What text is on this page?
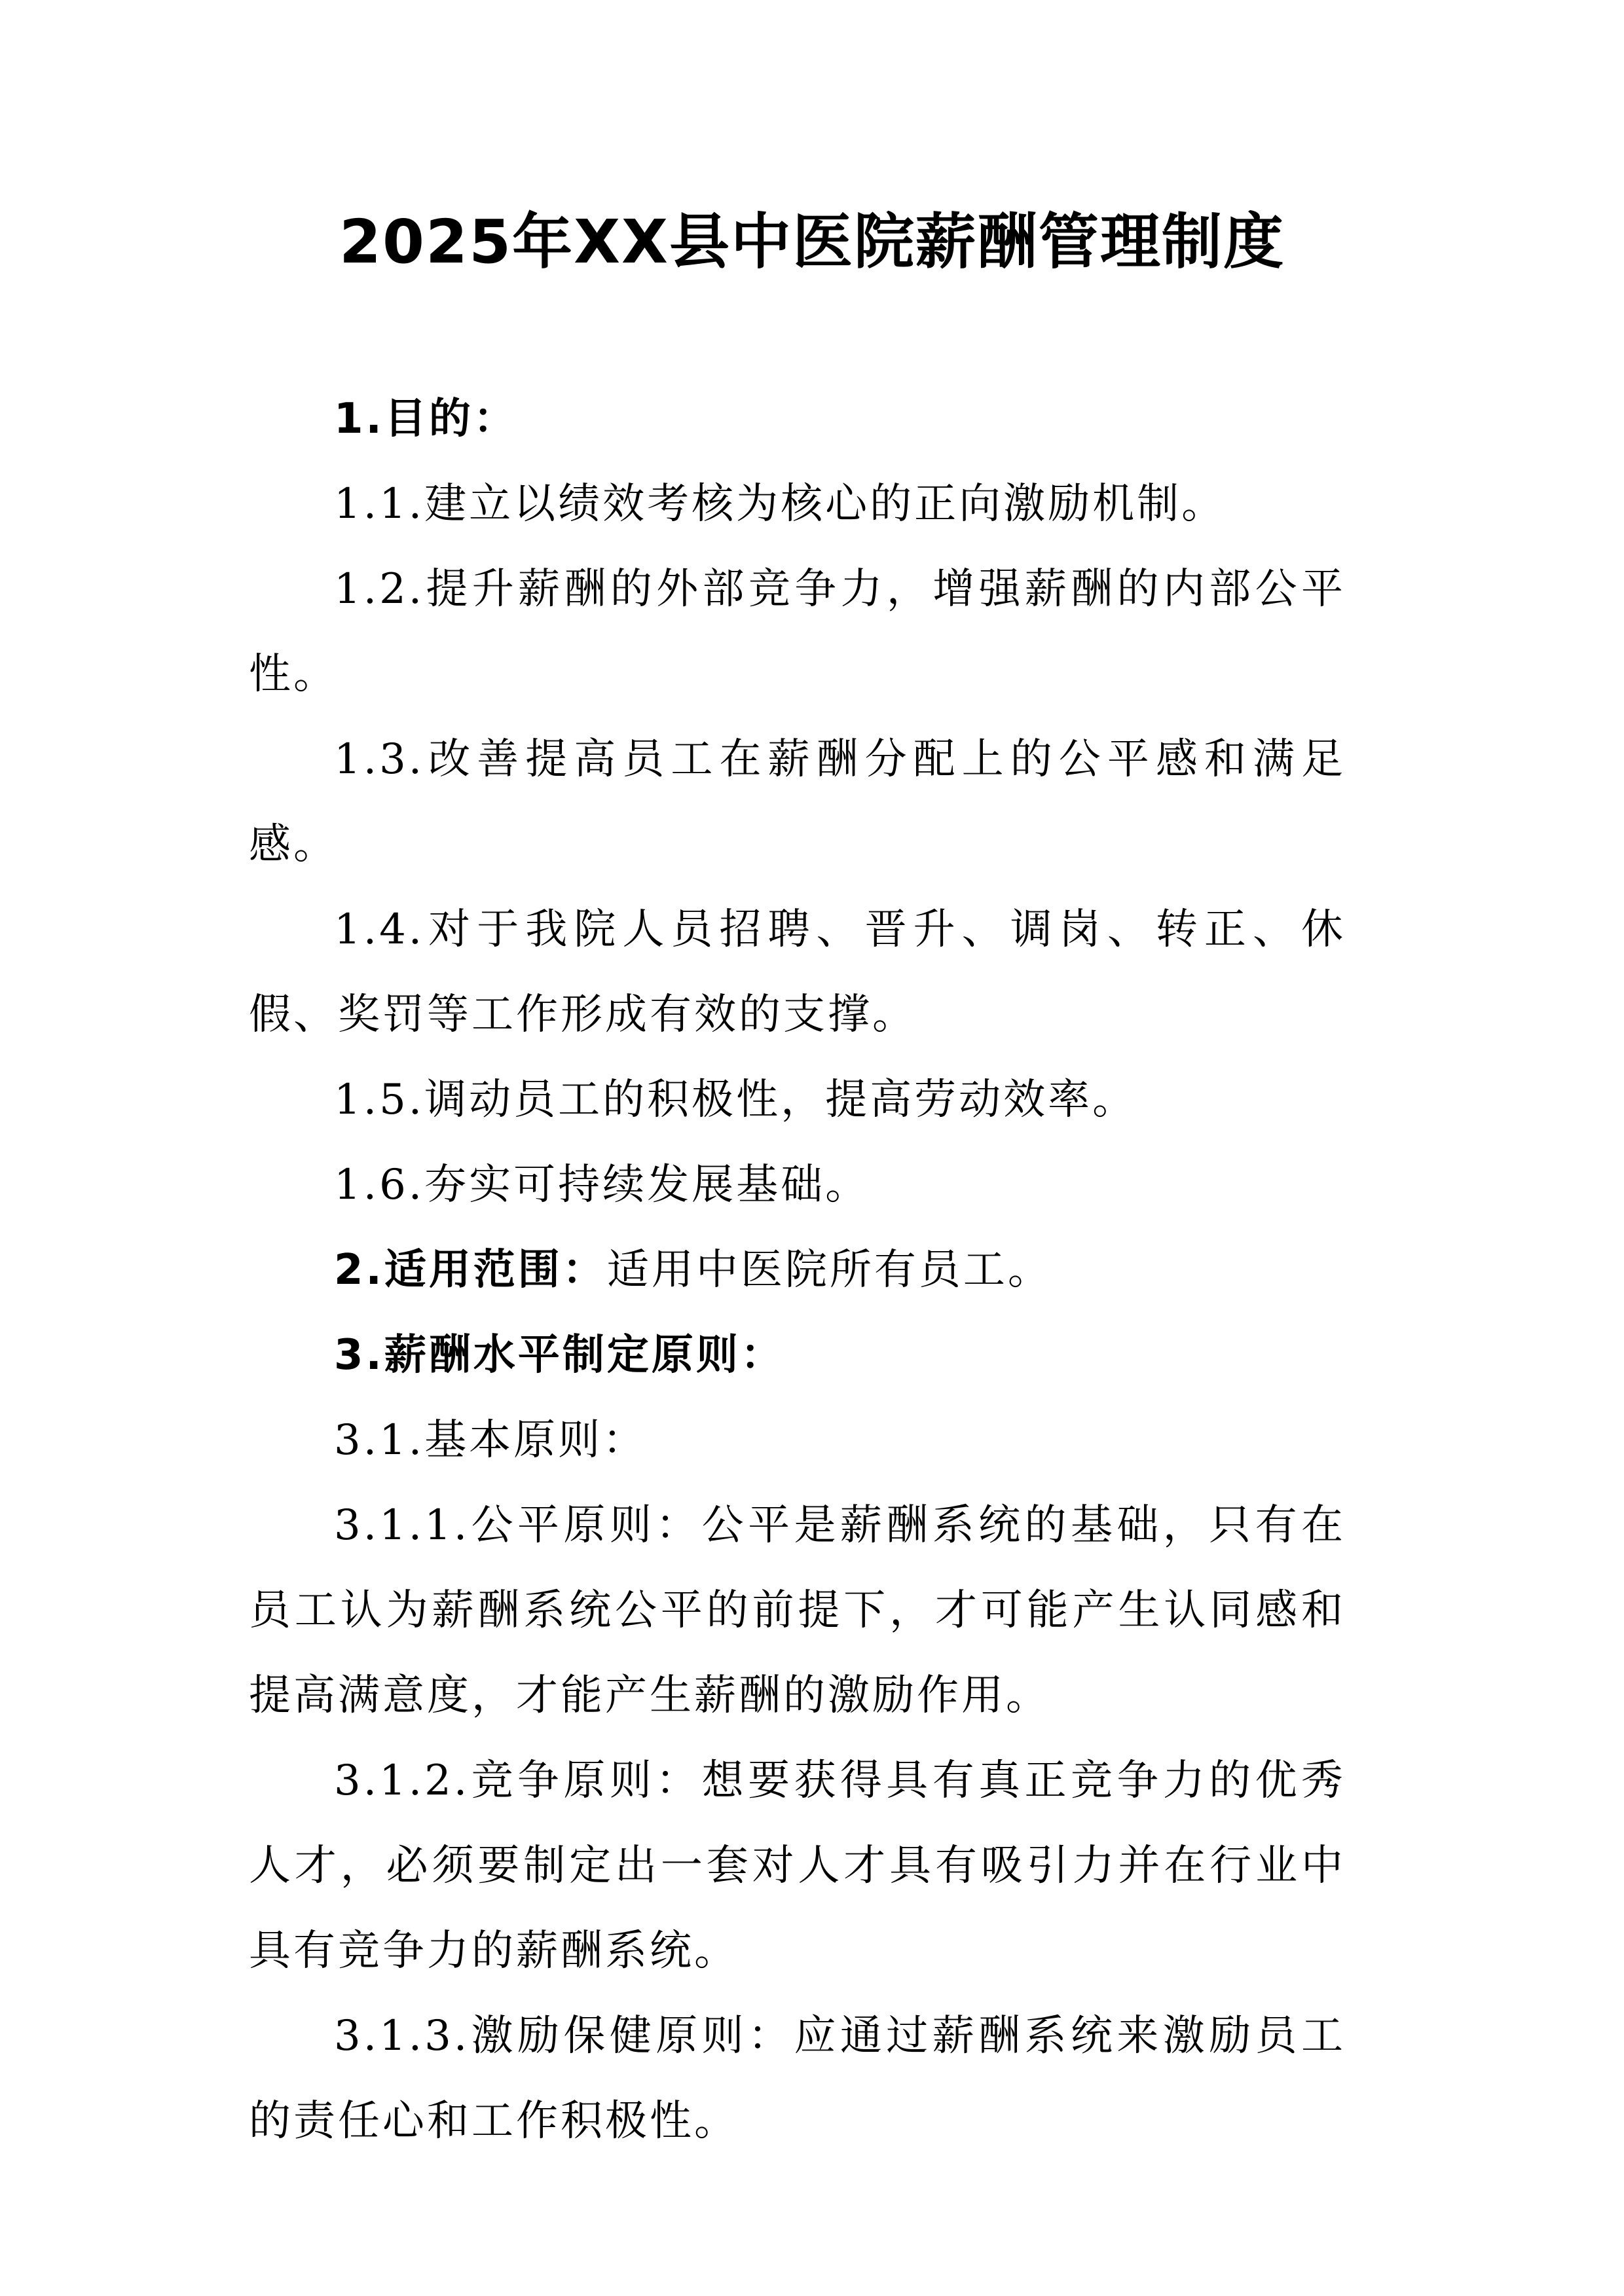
2025年XX县中医院薪酬管理制度

1.目的：

1.1.建立以绩效考核为核心的正向激励机制。

1.2.提升薪酬的外部竞争力，增强薪酬的内部公平性。

1.3.改善提高员工在薪酬分配上的公平感和满足感。

1.4.对于我院人员招聘、晋升、调岗、转正、休假、奖罚等工作形成有效的支撑。

1.5.调动员工的积极性，提高劳动效率。

1.6.夯实可持续发展基础。

2.适用范围：适用中医院所有员工。

3.薪酬水平制定原则：

3.1.基本原则：

3.1.1.公平原则：公平是薪酬系统的基础，只有在员工认为薪酬系统公平的前提下，才可能产生认同感和提高满意度，才能产生薪酬的激励作用。

3.1.2.竞争原则：想要获得具有真正竞争力的优秀人才，必须要制定出一套对人才具有吸引力并在行业中具有竞争力的薪酬系统。

3.1.3.激励保健原则：应通过薪酬系统来激励员工的责任心和工作积极性。
